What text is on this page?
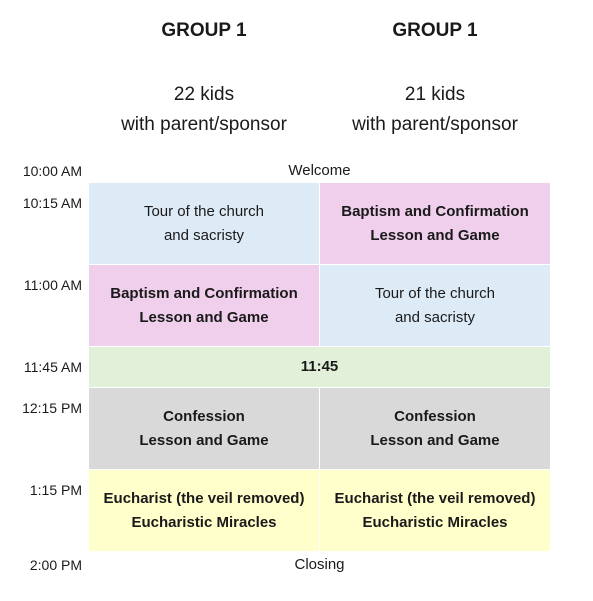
GROUP 1
22 kids
with parent/sponsor
GROUP 1
21 kids
with parent/sponsor
10:00 AM
10:15 AM
11:00 AM
11:45 AM
12:15 PM
1:15 PM
2:00 PM
Welcome
Tour of the church
and sacristy
Baptism and Confirmation
Lesson and Game
Baptism and Confirmation
Lesson and Game
Tour of the church
and sacristy
11:45
Confession
Lesson and Game
Confession
Lesson and Game
Eucharist (the veil removed)
Eucharistic Miracles
Eucharist (the veil removed)
Eucharistic Miracles
Closing
